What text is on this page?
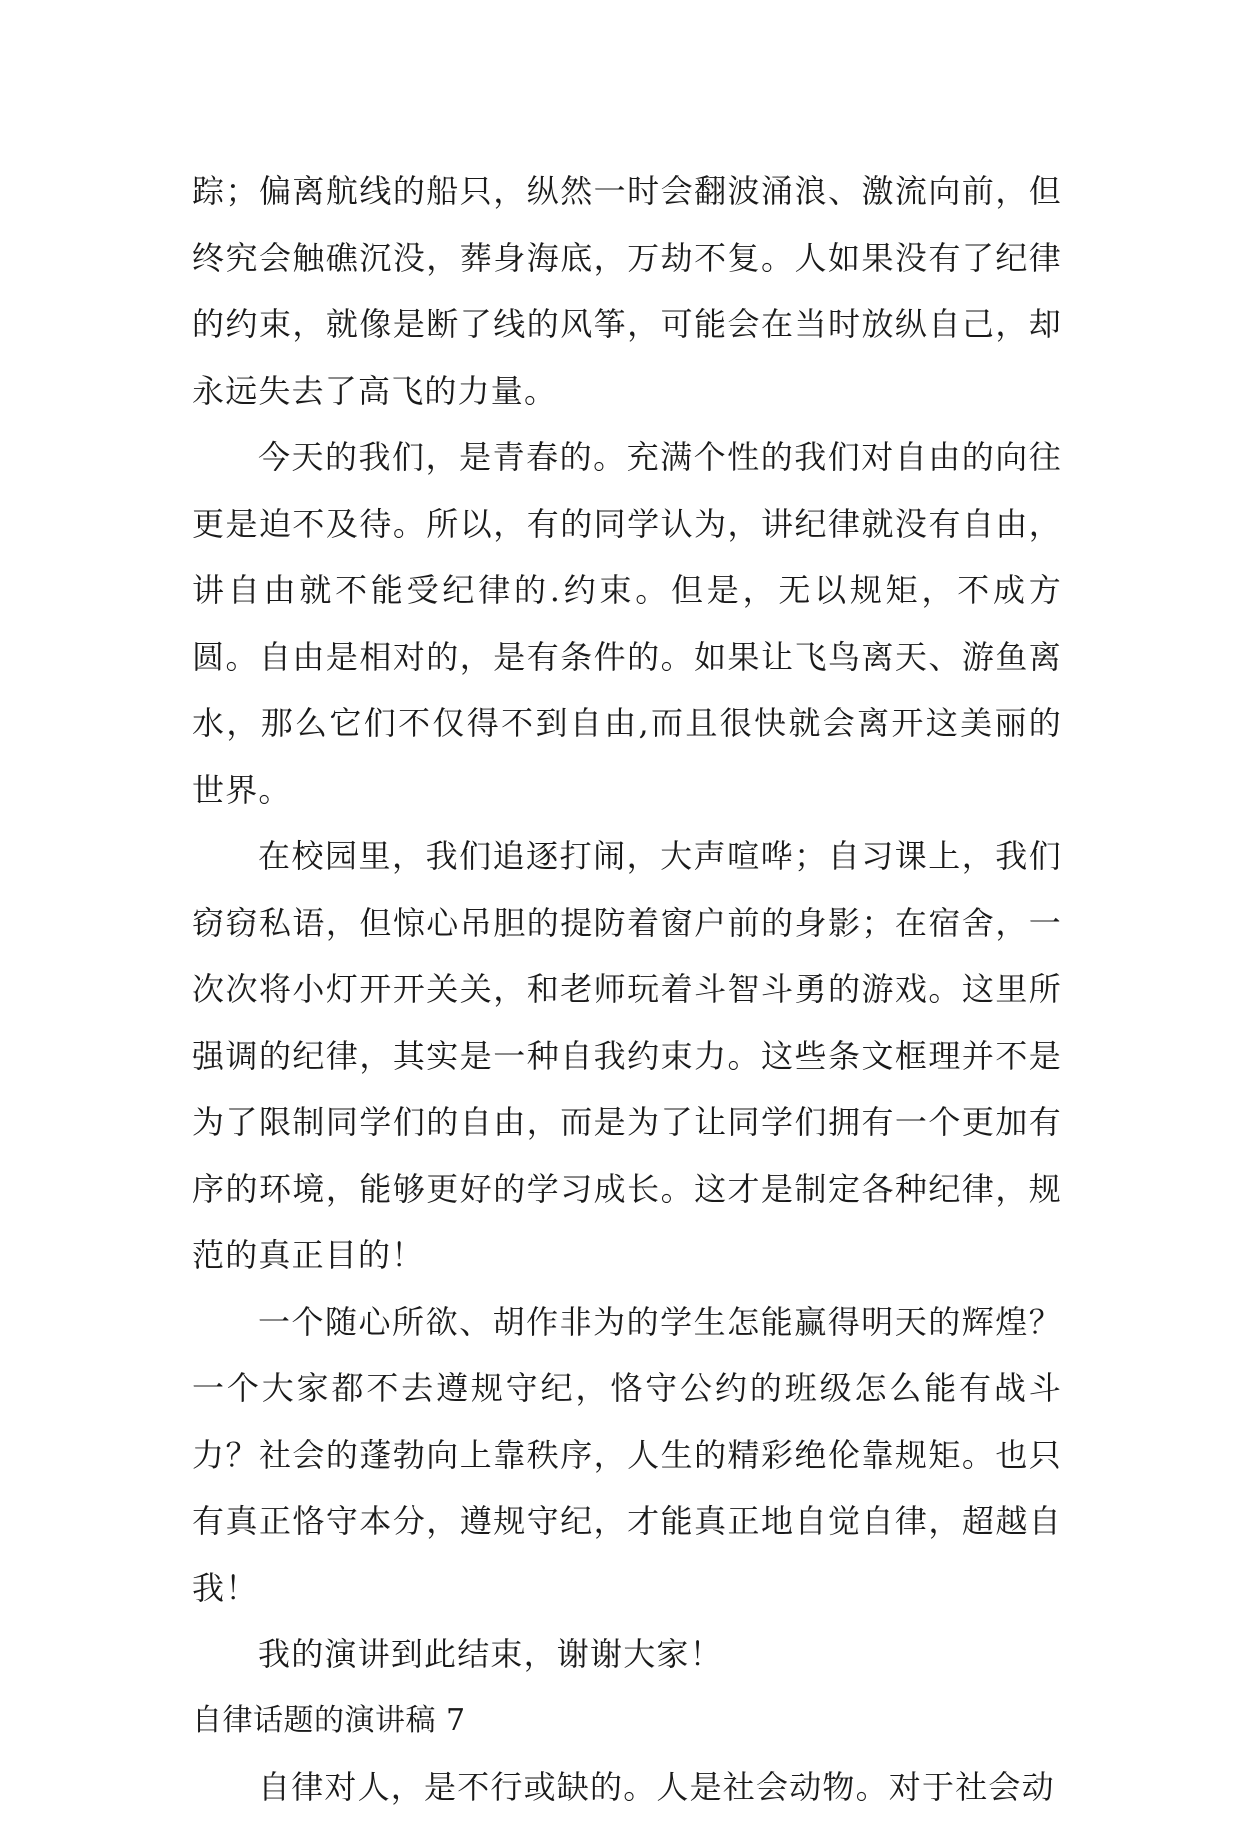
踪；偏离航线的船只，纵然一时会翻波涌浪、激流向前，但终究会触礁沉没，葬身海底，万劫不复。人如果没有了纪律的约束，就像是断了线的风筝，可能会在当时放纵自己，却永远失去了高飞的力量。

今天的我们，是青春的。充满个性的我们对自由的向往更是迫不及待。所以，有的同学认为，讲纪律就没有自由，讲自由就不能受纪律的.约束。但是，无以规矩，不成方圆。自由是相对的，是有条件的。如果让飞鸟离天、游鱼离水，那么它们不仅得不到自由,而且很快就会离开这美丽的世界。

在校园里，我们追逐打闹，大声喧哗；自习课上，我们窃窃私语，但惊心吊胆的提防着窗户前的身影；在宿舍，一次次将小灯开开关关，和老师玩着斗智斗勇的游戏。这里所强调的纪律，其实是一种自我约束力。这些条文框理并不是为了限制同学们的自由，而是为了让同学们拥有一个更加有序的环境，能够更好的学习成长。这才是制定各种纪律，规范的真正目的！

一个随心所欲、胡作非为的学生怎能赢得明天的辉煌？一个大家都不去遵规守纪，恪守公约的班级怎么能有战斗力？社会的蓬勃向上靠秩序，人生的精彩绝伦靠规矩。也只有真正恪守本分，遵规守纪，才能真正地自觉自律，超越自我！

我的演讲到此结束，谢谢大家！

自律话题的演讲稿 7

自律对人，是不行或缺的。人是社会动物。对于社会动
